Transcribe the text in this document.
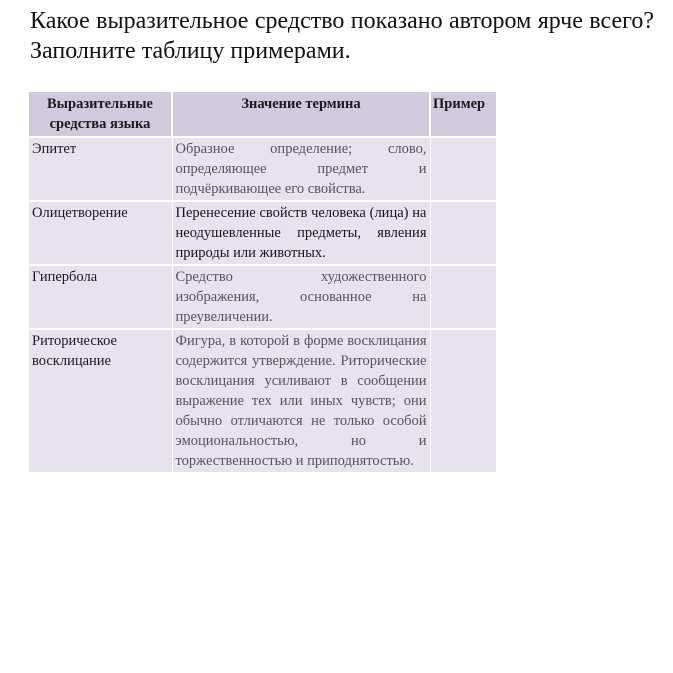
Какое выразительное средство показано автором ярче всего? Заполните таблицу примерами.
Выразительные средства языка	Значение термина	Пример
Эпитет	Образное определение; слово, определяющее предмет и подчёркивающее его свойства.	
Олицетворение	Перенесение свойств человека (лица) на неодушевленные предметы, явления природы или животных.	
Гипербола	Средство художественного изображения, основанное на преувеличении.	
Риторическое восклицание	Фигура, в которой в форме восклицания содержится утверждение. Риторические восклицания усиливают в сообщении выражение тех или иных чувств; они обычно отличаются не только особой эмоциональностью, но и торжественностью и приподнятостью.	
